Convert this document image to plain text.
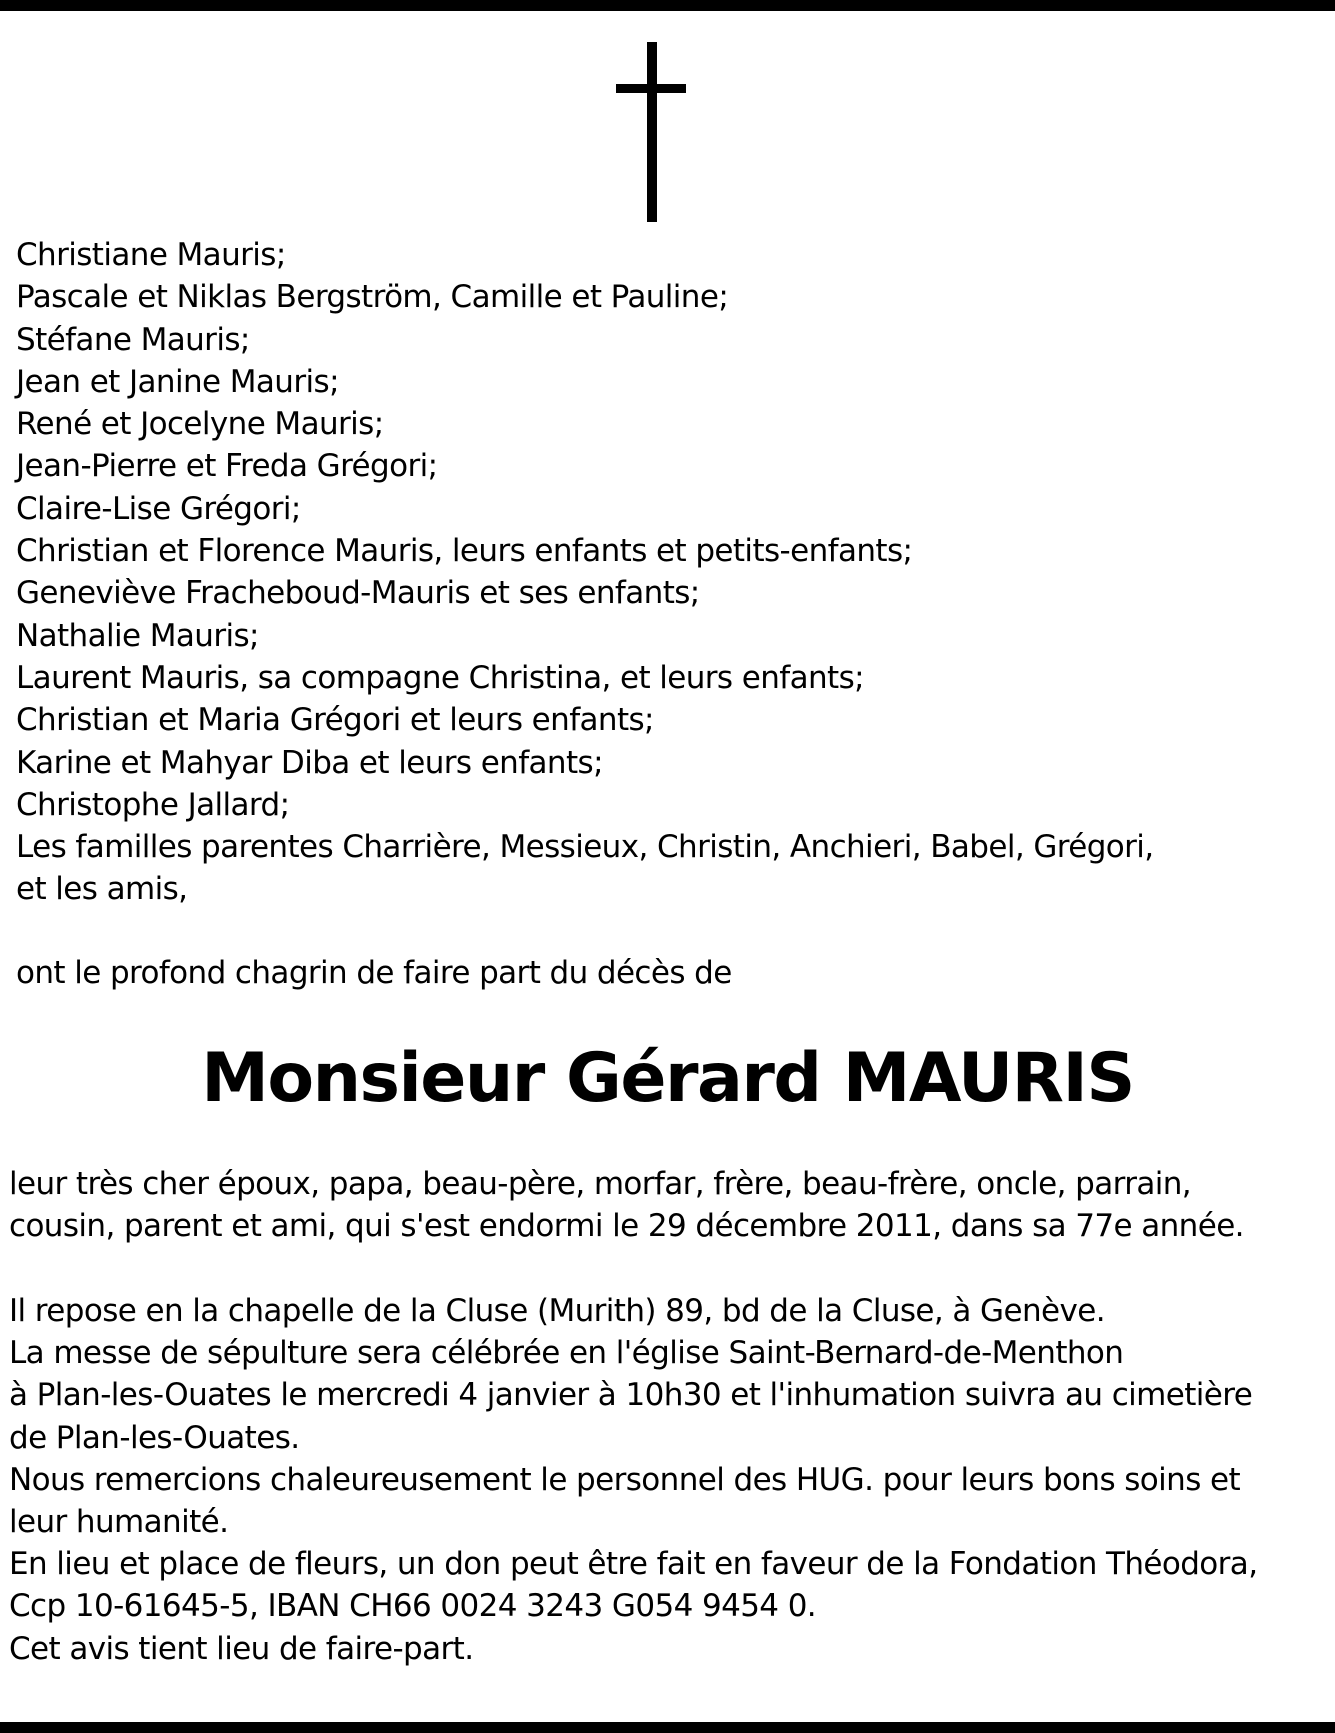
Christiane Mauris;
Pascale et Niklas Bergström, Camille et Pauline;
Stéfane Mauris;
Jean et Janine Mauris;
René et Jocelyne Mauris;
Jean-Pierre et Freda Grégori;
Claire-Lise Grégori;
Christian et Florence Mauris, leurs enfants et petits-enfants;
Geneviève Fracheboud-Mauris et ses enfants;
Nathalie Mauris;
Laurent Mauris, sa compagne Christina, et leurs enfants;
Christian et Maria Grégori et leurs enfants;
Karine et Mahyar Diba et leurs enfants;
Christophe Jallard;
Les familles parentes Charrière, Messieux, Christin, Anchieri, Babel, Grégori,
et les amis,
ont le profond chagrin de faire part du décès de
Monsieur Gérard MAURIS

leur très cher époux, papa, beau-père, morfar, frère, beau-frère, oncle, parrain,
cousin, parent et ami, qui s'est endormi le 29 décembre 2011, dans sa 77e année.

Il repose en la chapelle de la Cluse (Murith) 89, bd de la Cluse, à Genève.
La messe de sépulture sera célébrée en l'église Saint-Bernard-de-Menthon
à Plan-les-Ouates le mercredi 4 janvier à 10h30 et l'inhumation suivra au cimetière
de Plan-les-Ouates.
Nous remercions chaleureusement le personnel des HUG. pour leurs bons soins et
leur humanité.
En lieu et place de fleurs, un don peut être fait en faveur de la Fondation Théodora,
Ccp 10-61645-5, IBAN CH66 0024 3243 G054 9454 0.
Cet avis tient lieu de faire-part.
